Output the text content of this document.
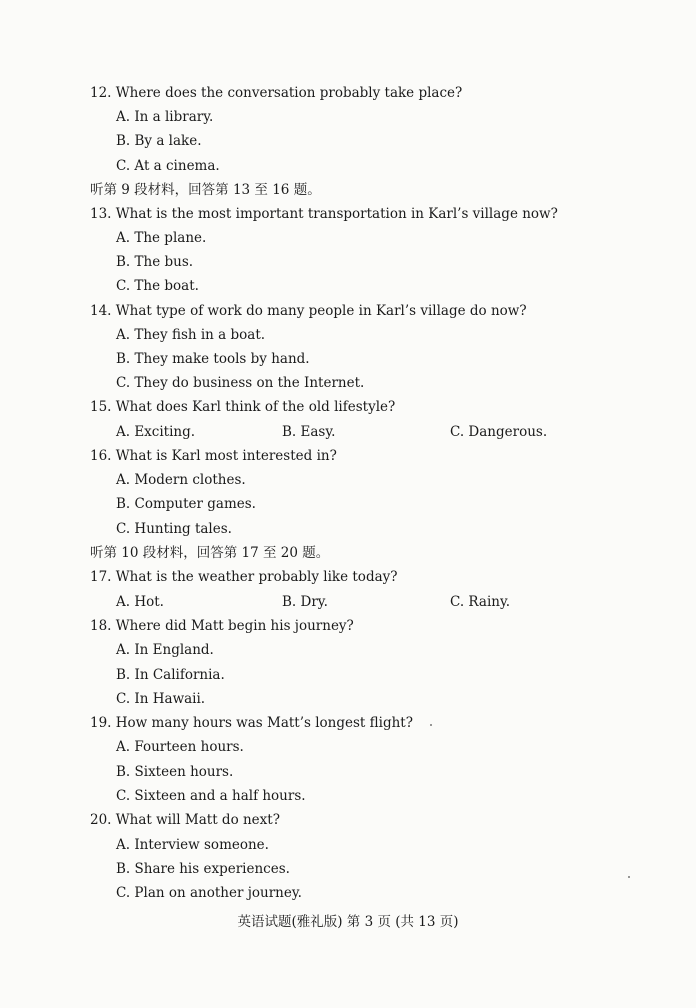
12. Where does the conversation probably take place?
A. In a library.
B. By a lake.
C. At a cinema.
听第 9 段材料，回答第 13 至 16 题。
13. What is the most important transportation in Karl’s village now?
A. The plane.
B. The bus.
C. The boat.
14. What type of work do many people in Karl’s village do now?
A. They fish in a boat.
B. They make tools by hand.
C. They do business on the Internet.
15. What does Karl think of the old lifestyle?
A. Exciting.	B. Easy.	C. Dangerous.
16. What is Karl most interested in?
A. Modern clothes.
B. Computer games.
C. Hunting tales.
听第 10 段材料，回答第 17 至 20 题。
17. What is the weather probably like today?
A. Hot.	B. Dry.	C. Rainy.
18. Where did Matt begin his journey?
A. In England.
B. In California.
C. In Hawaii.
19. How many hours was Matt’s longest flight?
A. Fourteen hours.
B. Sixteen hours.
C. Sixteen and a half hours.
20. What will Matt do next?
A. Interview someone.
B. Share his experiences.
C. Plan on another journey.
英语试题(雅礼版) 第 3 页 (共 13 页)
